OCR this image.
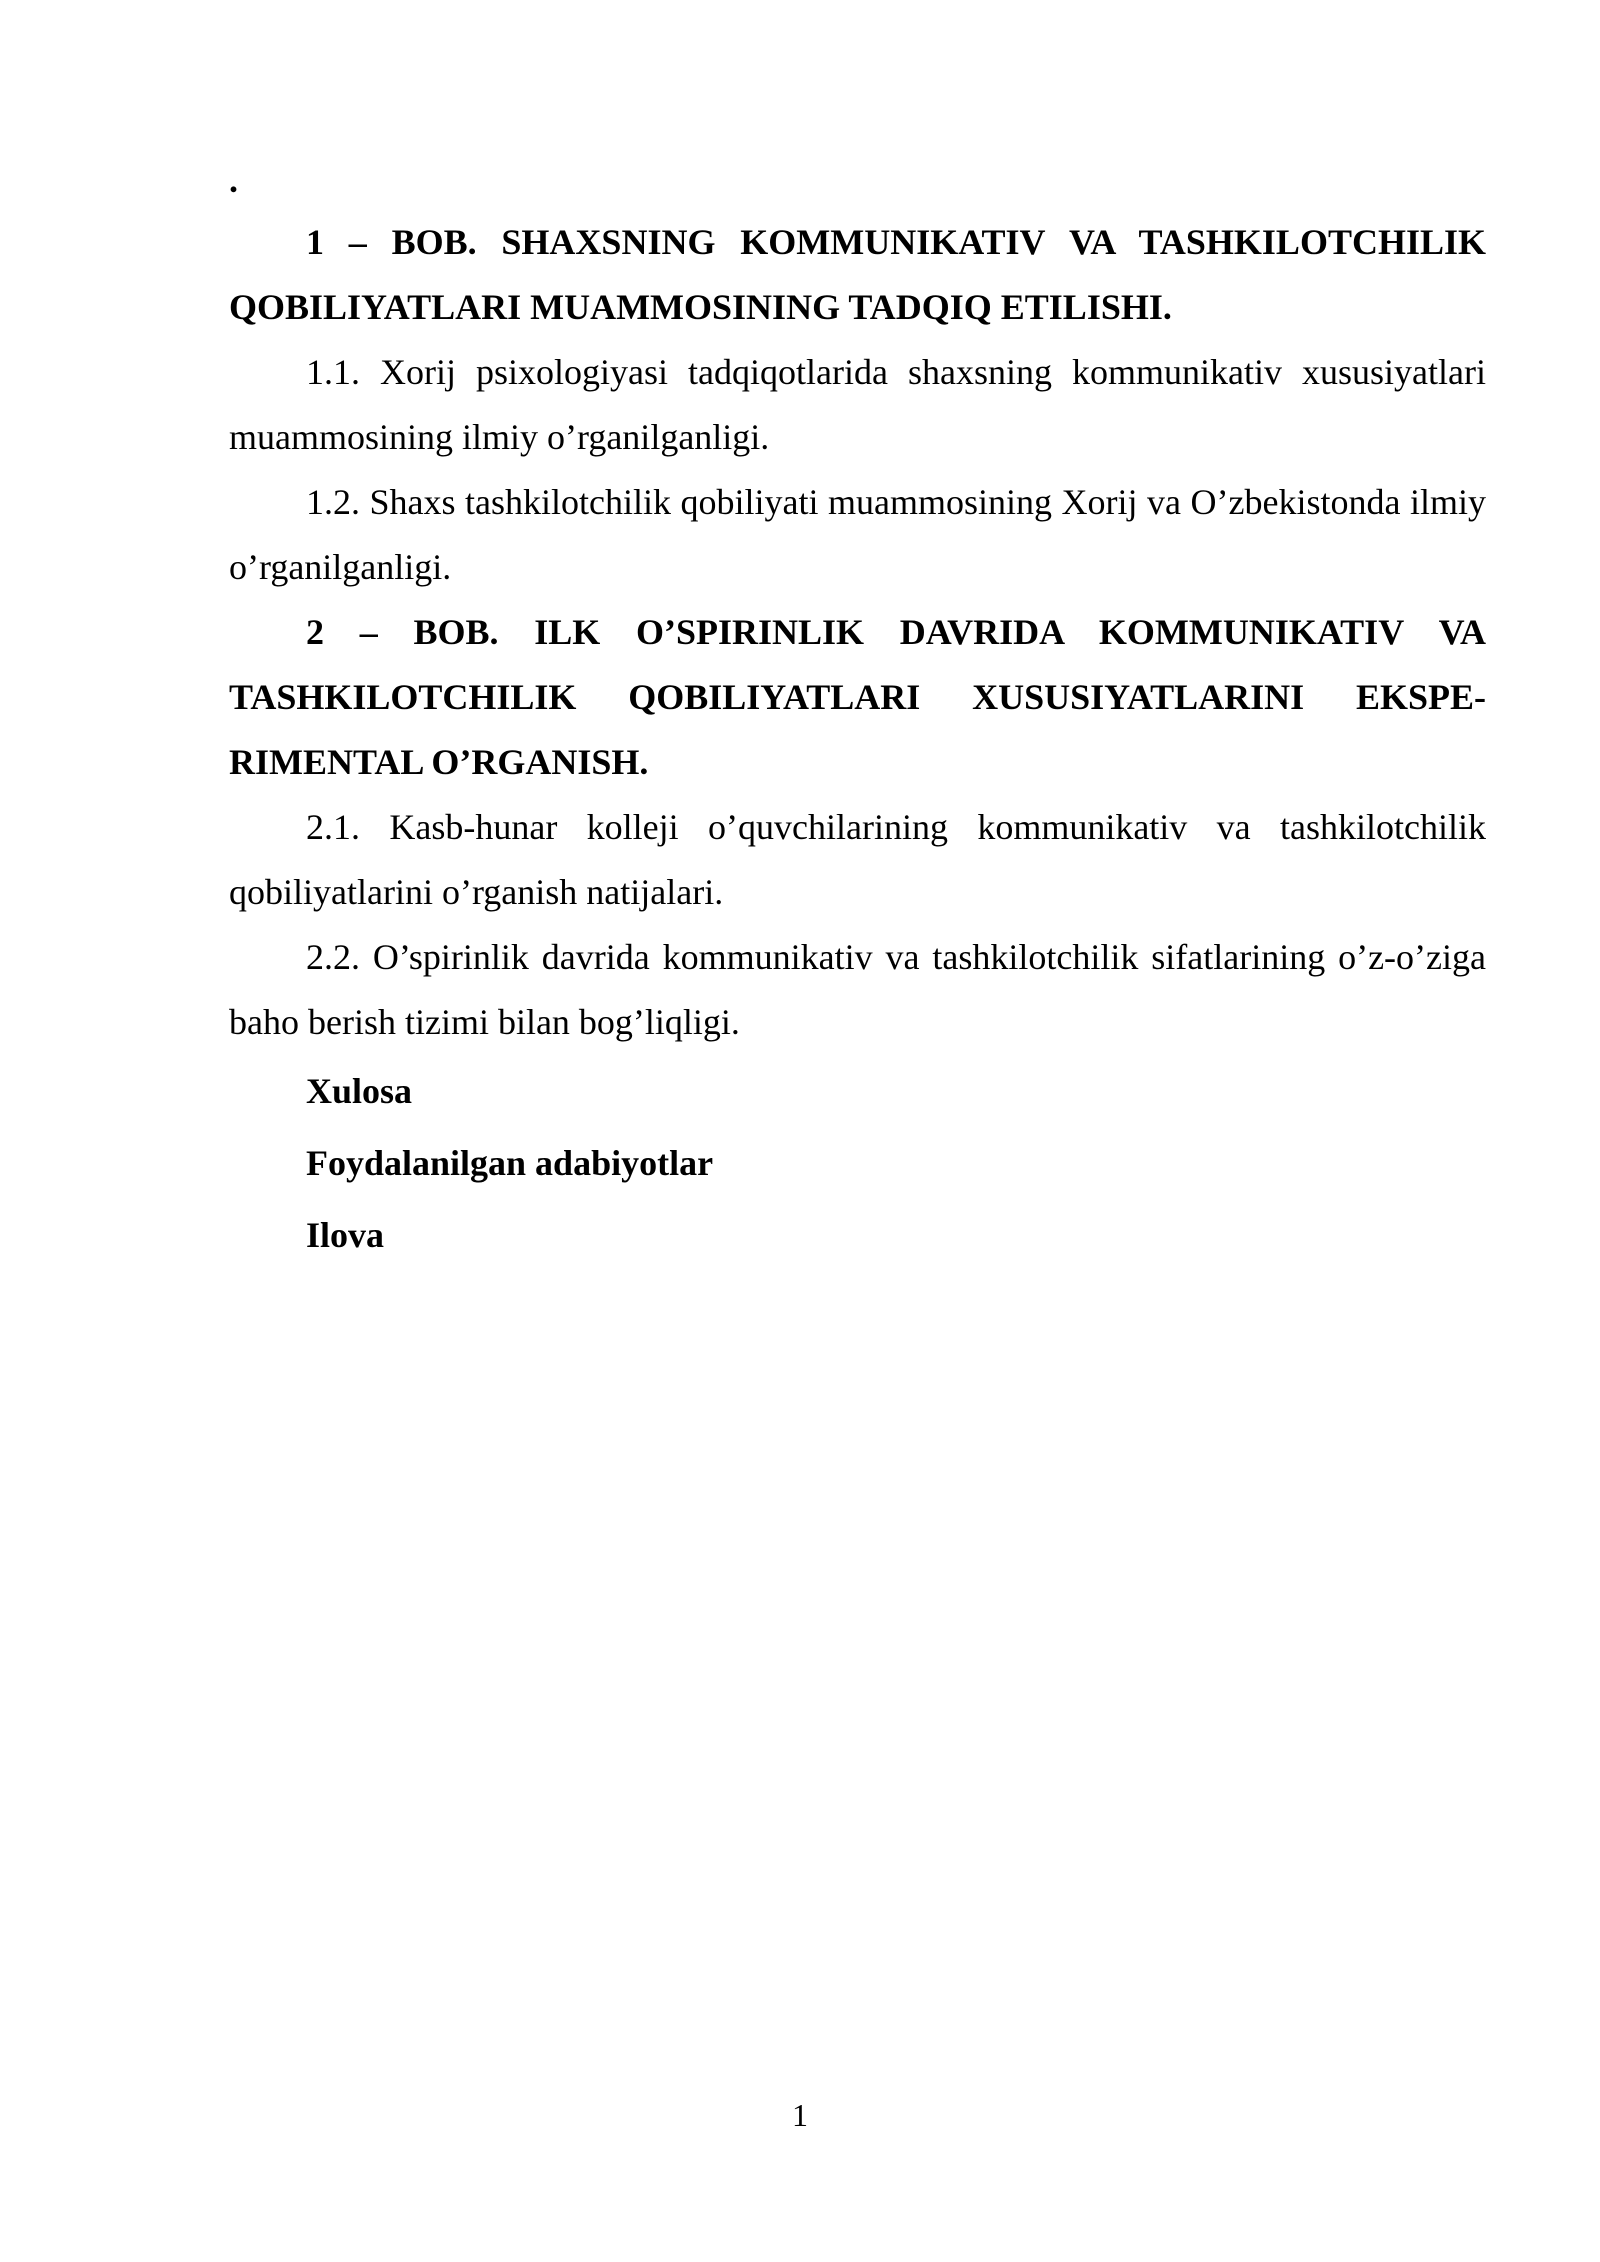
.

1 – BOB. SHAXSNING KOMMUNIKATIV VA TASHKILOTCHILIK QOBILIYATLARI MUAMMOSINING TADQIQ ETILISHI.

1.1. Xorij psixologiyasi tadqiqotlarida shaxsning kommunikativ xususiyatlari muammosining ilmiy o’rganilganligi.

1.2. Shaxs tashkilotchilik qobiliyati muammosining Xorij va O’zbekistonda ilmiy o’rganilganligi.

2 – BOB. ILK O’SPIRINLIK DAVRIDA KOMMUNIKATIV VA TASHKILOTCHILIK QOBILIYATLARI XUSUSIYATLARINI EKSPE-RIMENTAL O’RGANISH.

2.1. Kasb-hunar kolleji o’quvchilarining kommunikativ va tashkilotchilik qobiliyatlarini o’rganish natijalari.

2.2. O’spirinlik davrida kommunikativ va tashkilotchilik sifatlarining o’z-o’ziga baho berish tizimi bilan bog’liqligi.

Xulosa

Foydalanilgan adabiyotlar

Ilova

1
